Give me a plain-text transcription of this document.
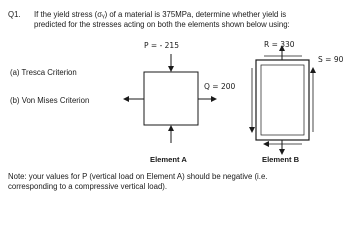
Q1. If the yield stress (σᵧ) of a material is 375MPa, determine whether yield is
predicted for the stresses acting on both the elements shown below using:
(a) Tresca Criterion
(b) Von Mises Criterion
P = - 215
Q = 200
R = 330
S = 90
Element A	Element B
Note: your values for P (vertical load on Element A) should be negative (i.e.
corresponding to a compressive vertical load).
